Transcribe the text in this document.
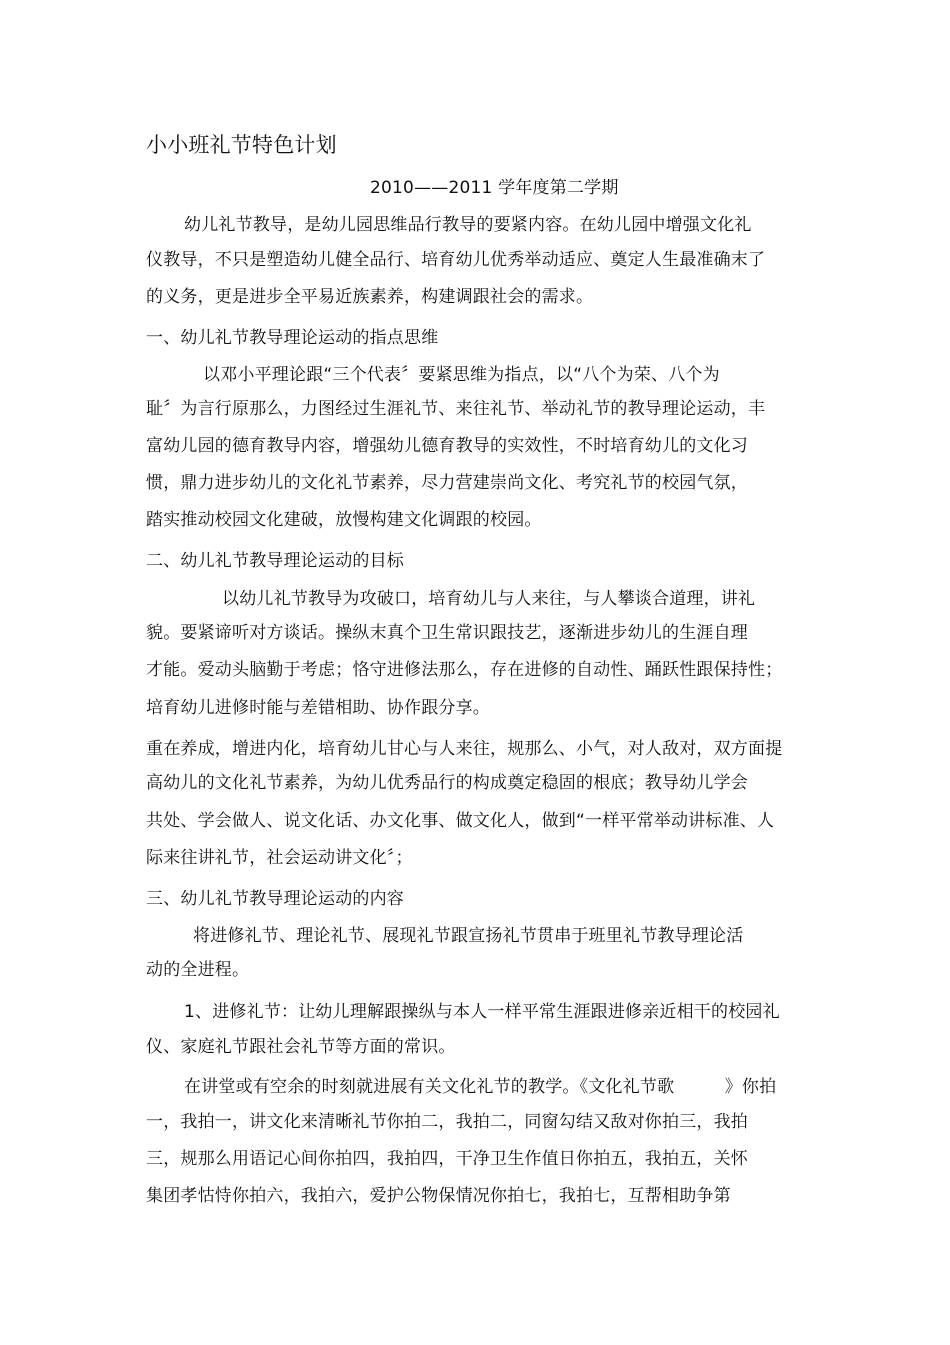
小小班礼节特色计划
2010——2011 学年度第二学期
幼儿礼节教导，是幼儿园思维品行教导的要紧内容。在幼儿园中增强文化礼
仪教导，不只是塑造幼儿健全品行、培育幼儿优秀举动适应、奠定人生最准确末了
的义务，更是进步全平易近族素养，构建调跟社会的需求。
一、幼儿礼节教导理论运动的指点思维
以邓小平理论跟“三个代表〞要紧思维为指点，以“八个为荣、八个为
耻〞为言行原那么，力图经过生涯礼节、来往礼节、举动礼节的教导理论运动，丰
富幼儿园的德育教导内容，增强幼儿德育教导的实效性，不时培育幼儿的文化习
惯，鼎力进步幼儿的文化礼节素养，尽力营建崇尚文化、考究礼节的校园气氛，
踏实推动校园文化建破，放慢构建文化调跟的校园。
二、幼儿礼节教导理论运动的目标
以幼儿礼节教导为攻破口，培育幼儿与人来往，与人攀谈合道理，讲礼
貌。要紧谛听对方谈话。操纵末真个卫生常识跟技艺，逐渐进步幼儿的生涯自理
才能。爱动头脑勤于考虑；恪守进修法那么，存在进修的自动性、踊跃性跟保持性；
培育幼儿进修时能与差错相助、协作跟分享。
重在养成，增进内化，培育幼儿甘心与人来往，规那么、小气，对人敌对，双方面提
高幼儿的文化礼节素养，为幼儿优秀品行的构成奠定稳固的根底；教导幼儿学会
共处、学会做人、说文化话、办文化事、做文化人，做到“一样平常举动讲标准、人
际来往讲礼节，社会运动讲文化〞；
三、幼儿礼节教导理论运动的内容
将进修礼节、理论礼节、展现礼节跟宣扬礼节贯串于班里礼节教导理论活
动的全进程。
1、进修礼节：让幼儿理解跟操纵与本人一样平常生涯跟进修亲近相干的校园礼
仪、家庭礼节跟社会礼节等方面的常识。
在讲堂或有空余的时刻就进展有关文化礼节的教学。《文化礼节歌         》你拍
一，我拍一，讲文化来清晰礼节你拍二，我拍二，同窗勾结又敌对你拍三，我拍
三，规那么用语记心间你拍四，我拍四，干净卫生作值日你拍五，我拍五，关怀
集团孝怙恃你拍六，我拍六，爱护公物保情况你拍七，我拍七，互帮相助争第
